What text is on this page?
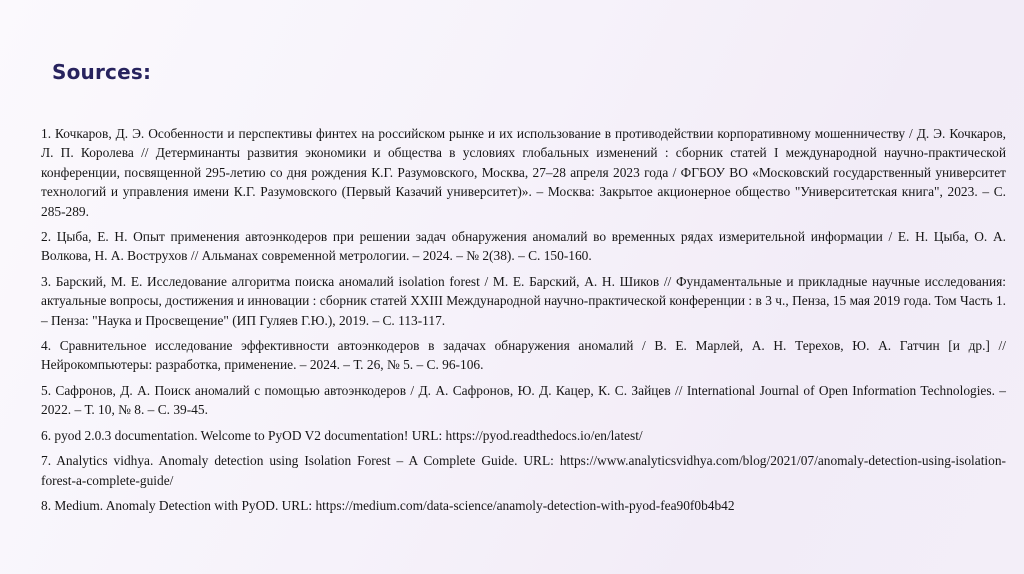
Sources:
1. Кочкаров, Д. Э. Особенности и перспективы финтех на российском рынке и их использование в противодействии корпоративному мошенничеству / Д. Э. Кочкаров, Л. П. Королева // Детерминанты развития экономики и общества в условиях глобальных изменений : сборник статей I международной научно-практической конференции, посвященной 295-летию со дня рождения К.Г. Разумовского, Москва, 27–28 апреля 2023 года / ФГБОУ ВО «Московский государственный университет технологий и управления имени К.Г. Разумовского (Первый Казачий университет)». – Москва: Закрытое акционерное общество "Университетская книга", 2023. – С. 285-289.
2. Цыба, Е. Н. Опыт применения автоэнкодеров при решении задач обнаружения аномалий во временных рядах измерительной информации / Е. Н. Цыба, О. А. Волкова, Н. А. Вострухов // Альманах современной метрологии. – 2024. – № 2(38). – С. 150-160.
3. Барский, М. Е. Исследование алгоритма поиска аномалий isolation forest / М. Е. Барский, А. Н. Шиков // Фундаментальные и прикладные научные исследования: актуальные вопросы, достижения и инновации : сборник статей XXIII Международной научно-практической конференции : в 3 ч., Пенза, 15 мая 2019 года. Том Часть 1. – Пенза: "Наука и Просвещение" (ИП Гуляев Г.Ю.), 2019. – С. 113-117.
4. Сравнительное исследование эффективности автоэнкодеров в задачах обнаружения аномалий / В. Е. Марлей, А. Н. Терехов, Ю. А. Гатчин [и др.] // Нейрокомпьютеры: разработка, применение. – 2024. – Т. 26, № 5. – С. 96-106.
5. Сафронов, Д. А. Поиск аномалий с помощью автоэнкодеров / Д. А. Сафронов, Ю. Д. Кацер, К. С. Зайцев // International Journal of Open Information Technologies. – 2022. – Т. 10, № 8. – С. 39-45.
6. pyod 2.0.3 documentation. Welcome to PyOD V2 documentation! URL: https://pyod.readthedocs.io/en/latest/
7. Analytics vidhya. Anomaly detection using Isolation Forest – A Complete Guide. URL: https://www.analyticsvidhya.com/blog/2021/07/anomaly-detection-using-isolation-forest-a-complete-guide/
8. Medium. Anomaly Detection with PyOD. URL: https://medium.com/data-science/anamoly-detection-with-pyod-fea90f0b4b42
